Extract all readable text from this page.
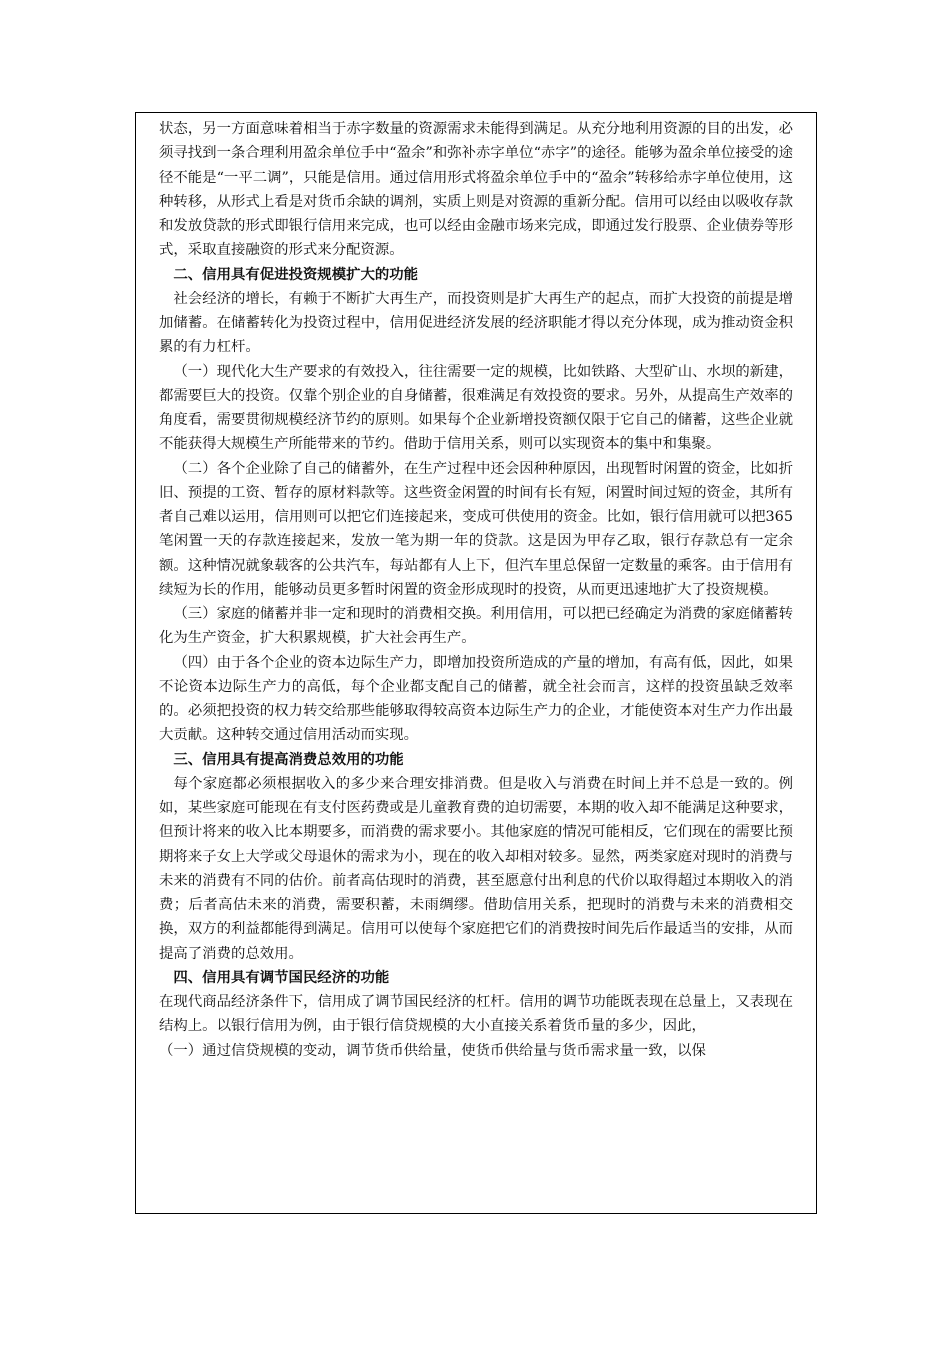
状态，另一方面意味着相当于赤字数量的资源需求未能得到满足。从充分地利用资源的目的出发，必须寻找到一条合理利用盈余单位手中“盈余”和弥补赤字单位“赤字”的途径。能够为盈余单位接受的途径不能是“一平二调”，只能是信用。通过信用形式将盈余单位手中的“盈余”转移给赤字单位使用，这种转移，从形式上看是对货币余缺的调剂，实质上则是对资源的重新分配。信用可以经由以吸收存款和发放贷款的形式即银行信用来完成，也可以经由金融市场来完成，即通过发行股票、企业债券等形式，采取直接融资的形式来分配资源。

二、信用具有促进投资规模扩大的功能

社会经济的增长，有赖于不断扩大再生产，而投资则是扩大再生产的起点，而扩大投资的前提是增加储蓄。在储蓄转化为投资过程中，信用促进经济发展的经济职能才得以充分体现，成为推动资金积累的有力杠杆。

（一）现代化大生产要求的有效投入，往往需要一定的规模，比如铁路、大型矿山、水坝的新建，都需要巨大的投资。仅靠个别企业的自身储蓄，很难满足有效投资的要求。另外，从提高生产效率的角度看，需要贯彻规模经济节约的原则。如果每个企业新增投资额仅限于它自己的储蓄，这些企业就不能获得大规模生产所能带来的节约。借助于信用关系，则可以实现资本的集中和集聚。

（二）各个企业除了自己的储蓄外，在生产过程中还会因种种原因，出现暂时闲置的资金，比如折旧、预提的工资、暂存的原材料款等。这些资金闲置的时间有长有短，闲置时间过短的资金，其所有者自己难以运用，信用则可以把它们连接起来，变成可供使用的资金。比如，银行信用就可以把365笔闲置一天的存款连接起来，发放一笔为期一年的贷款。这是因为甲存乙取，银行存款总有一定余额。这种情况就象载客的公共汽车，每站都有人上下，但汽车里总保留一定数量的乘客。由于信用有续短为长的作用，能够动员更多暂时闲置的资金形成现时的投资，从而更迅速地扩大了投资规模。

（三）家庭的储蓄并非一定和现时的消费相交换。利用信用，可以把已经确定为消费的家庭储蓄转化为生产资金，扩大积累规模，扩大社会再生产。

（四）由于各个企业的资本边际生产力，即增加投资所造成的产量的增加，有高有低，因此，如果不论资本边际生产力的高低，每个企业都支配自己的储蓄，就全社会而言，这样的投资虽缺乏效率的。必须把投资的权力转交给那些能够取得较高资本边际生产力的企业，才能使资本对生产力作出最大贡献。这种转交通过信用活动而实现。

三、信用具有提高消费总效用的功能

每个家庭都必须根据收入的多少来合理安排消费。但是收入与消费在时间上并不总是一致的。例如，某些家庭可能现在有支付医药费或是儿童教育费的迫切需要，本期的收入却不能满足这种要求，但预计将来的收入比本期要多，而消费的需求要小。其他家庭的情况可能相反，它们现在的需要比预期将来子女上大学或父母退休的需求为小，现在的收入却相对较多。显然，两类家庭对现时的消费与未来的消费有不同的估价。前者高估现时的消费，甚至愿意付出利息的代价以取得超过本期收入的消费；后者高估未来的消费，需要积蓄，未雨绸缪。借助信用关系，把现时的消费与未来的消费相交换，双方的利益都能得到满足。信用可以使每个家庭把它们的消费按时间先后作最适当的安排，从而提高了消费的总效用。

四、信用具有调节国民经济的功能

在现代商品经济条件下，信用成了调节国民经济的杠杆。信用的调节功能既表现在总量上，又表现在结构上。以银行信用为例，由于银行信贷规模的大小直接关系着货币量的多少，因此，

（一）通过信贷规模的变动，调节货币供给量，使货币供给量与货币需求量一致，以保
